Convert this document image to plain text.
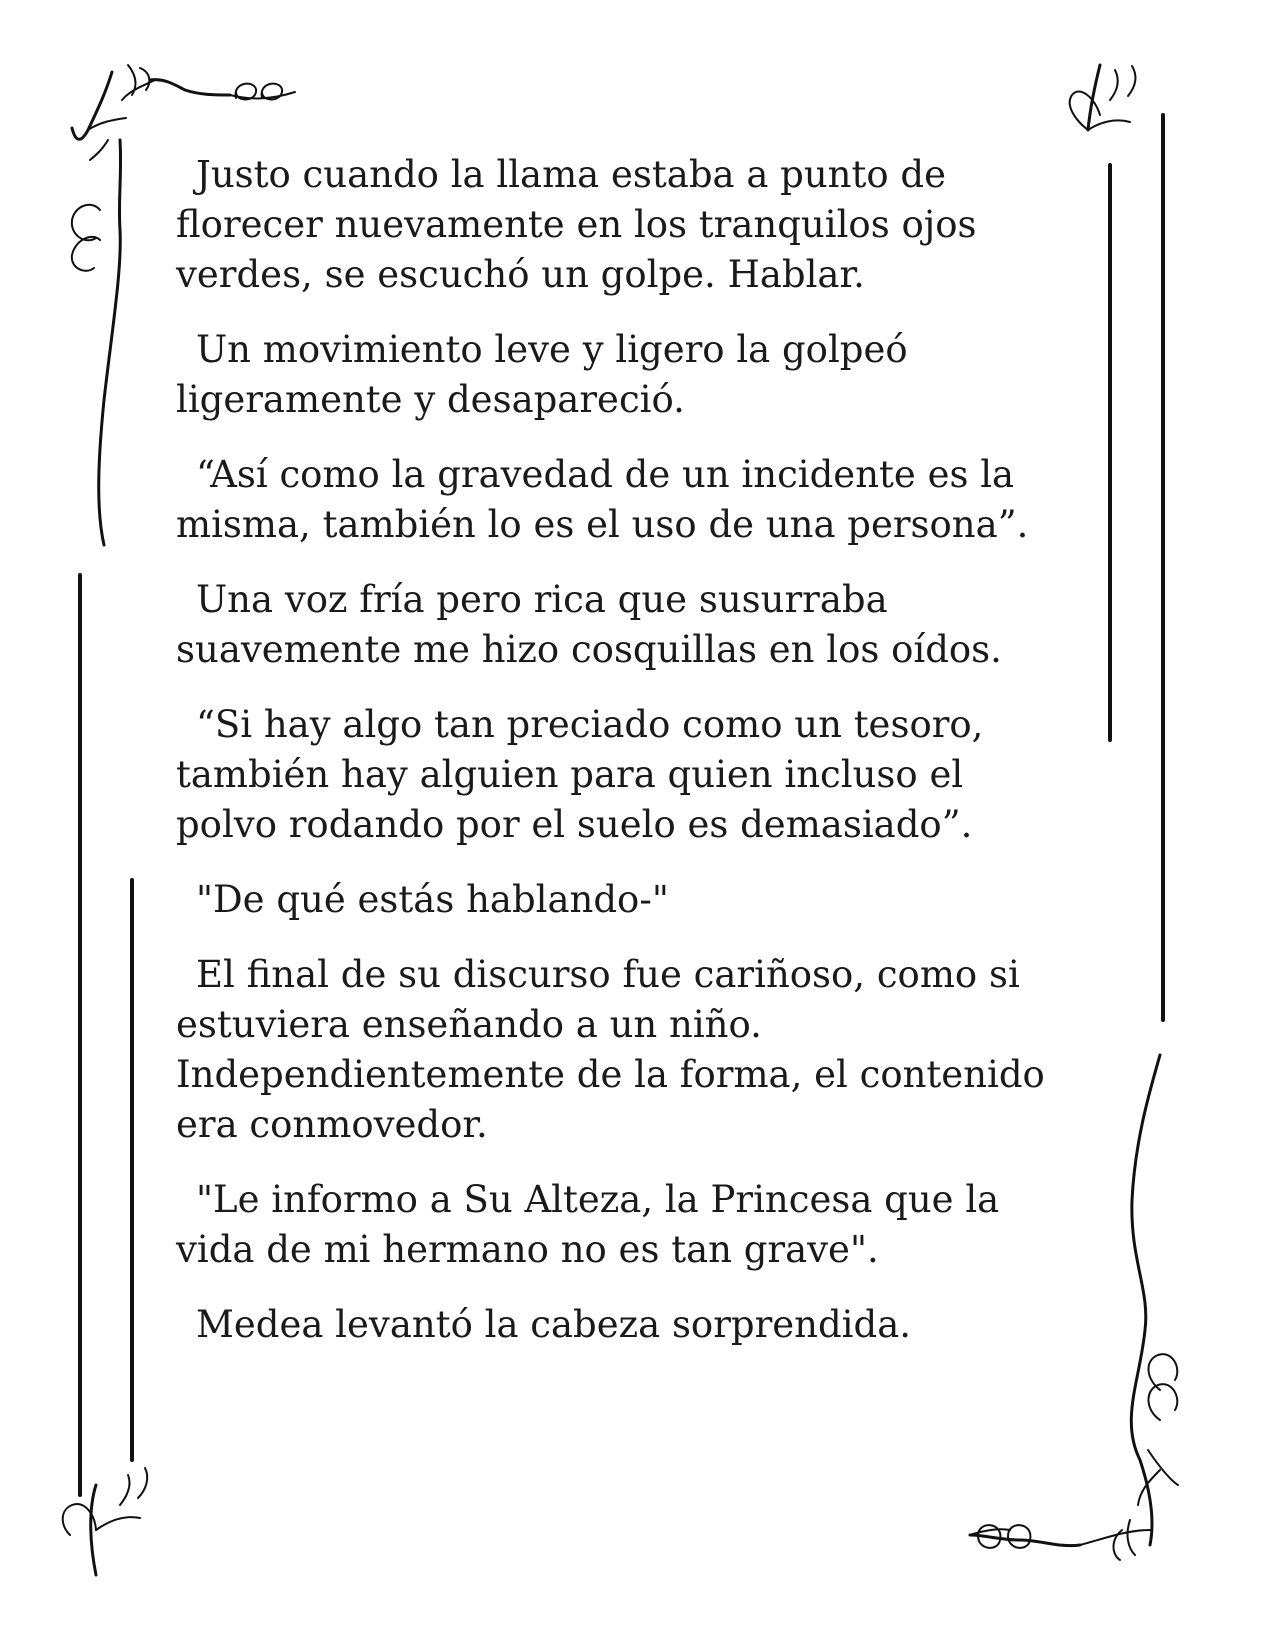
Justo cuando la llama estaba a punto de
florecer nuevamente en los tranquilos ojos
verdes, se escuchó un golpe. Hablar.

Un movimiento leve y ligero la golpeó
ligeramente y desapareció.

“Así como la gravedad de un incidente es la
misma, también lo es el uso de una persona”.

Una voz fría pero rica que susurraba
suavemente me hizo cosquillas en los oídos.

“Si hay algo tan preciado como un tesoro,
también hay alguien para quien incluso el
polvo rodando por el suelo es demasiado”.

"De qué estás hablando-"

El final de su discurso fue cariñoso, como si
estuviera enseñando a un niño.
Independientemente de la forma, el contenido
era conmovedor.

"Le informo a Su Alteza, la Princesa que la
vida de mi hermano no es tan grave".

Medea levantó la cabeza sorprendida.
